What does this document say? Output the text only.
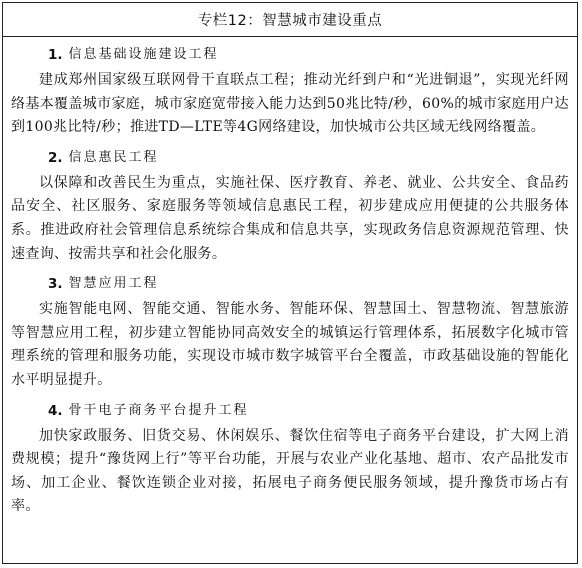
专栏12：智慧城市建设重点
1. 信息基础设施建设工程

建成郑州国家级互联网骨干直联点工程；推动光纤到户和“光进铜退”，实现光纤网络基本覆盖城市家庭，城市家庭宽带接入能力达到50兆比特/秒，60%的城市家庭用户达到100兆比特/秒；推进TD—LTE等4G网络建设，加快城市公共区域无线网络覆盖。

2. 信息惠民工程

以保障和改善民生为重点，实施社保、医疗教育、养老、就业、公共安全、食品药品安全、社区服务、家庭服务等领域信息惠民工程，初步建成应用便捷的公共服务体系。推进政府社会管理信息系统综合集成和信息共享，实现政务信息资源规范管理、快速查询、按需共享和社会化服务。

3. 智慧应用工程

实施智能电网、智能交通、智能水务、智能环保、智慧国土、智慧物流、智慧旅游等智慧应用工程，初步建立智能协同高效安全的城镇运行管理体系，拓展数字化城市管理系统的管理和服务功能，实现设市城市数字城管平台全覆盖，市政基础设施的智能化水平明显提升。

4. 骨干电子商务平台提升工程

加快家政服务、旧货交易、休闲娱乐、餐饮住宿等电子商务平台建设，扩大网上消费规模；提升“豫货网上行”等平台功能，开展与农业产业化基地、超市、农产品批发市场、加工企业、餐饮连锁企业对接，拓展电子商务便民服务领域，提升豫货市场占有率。
